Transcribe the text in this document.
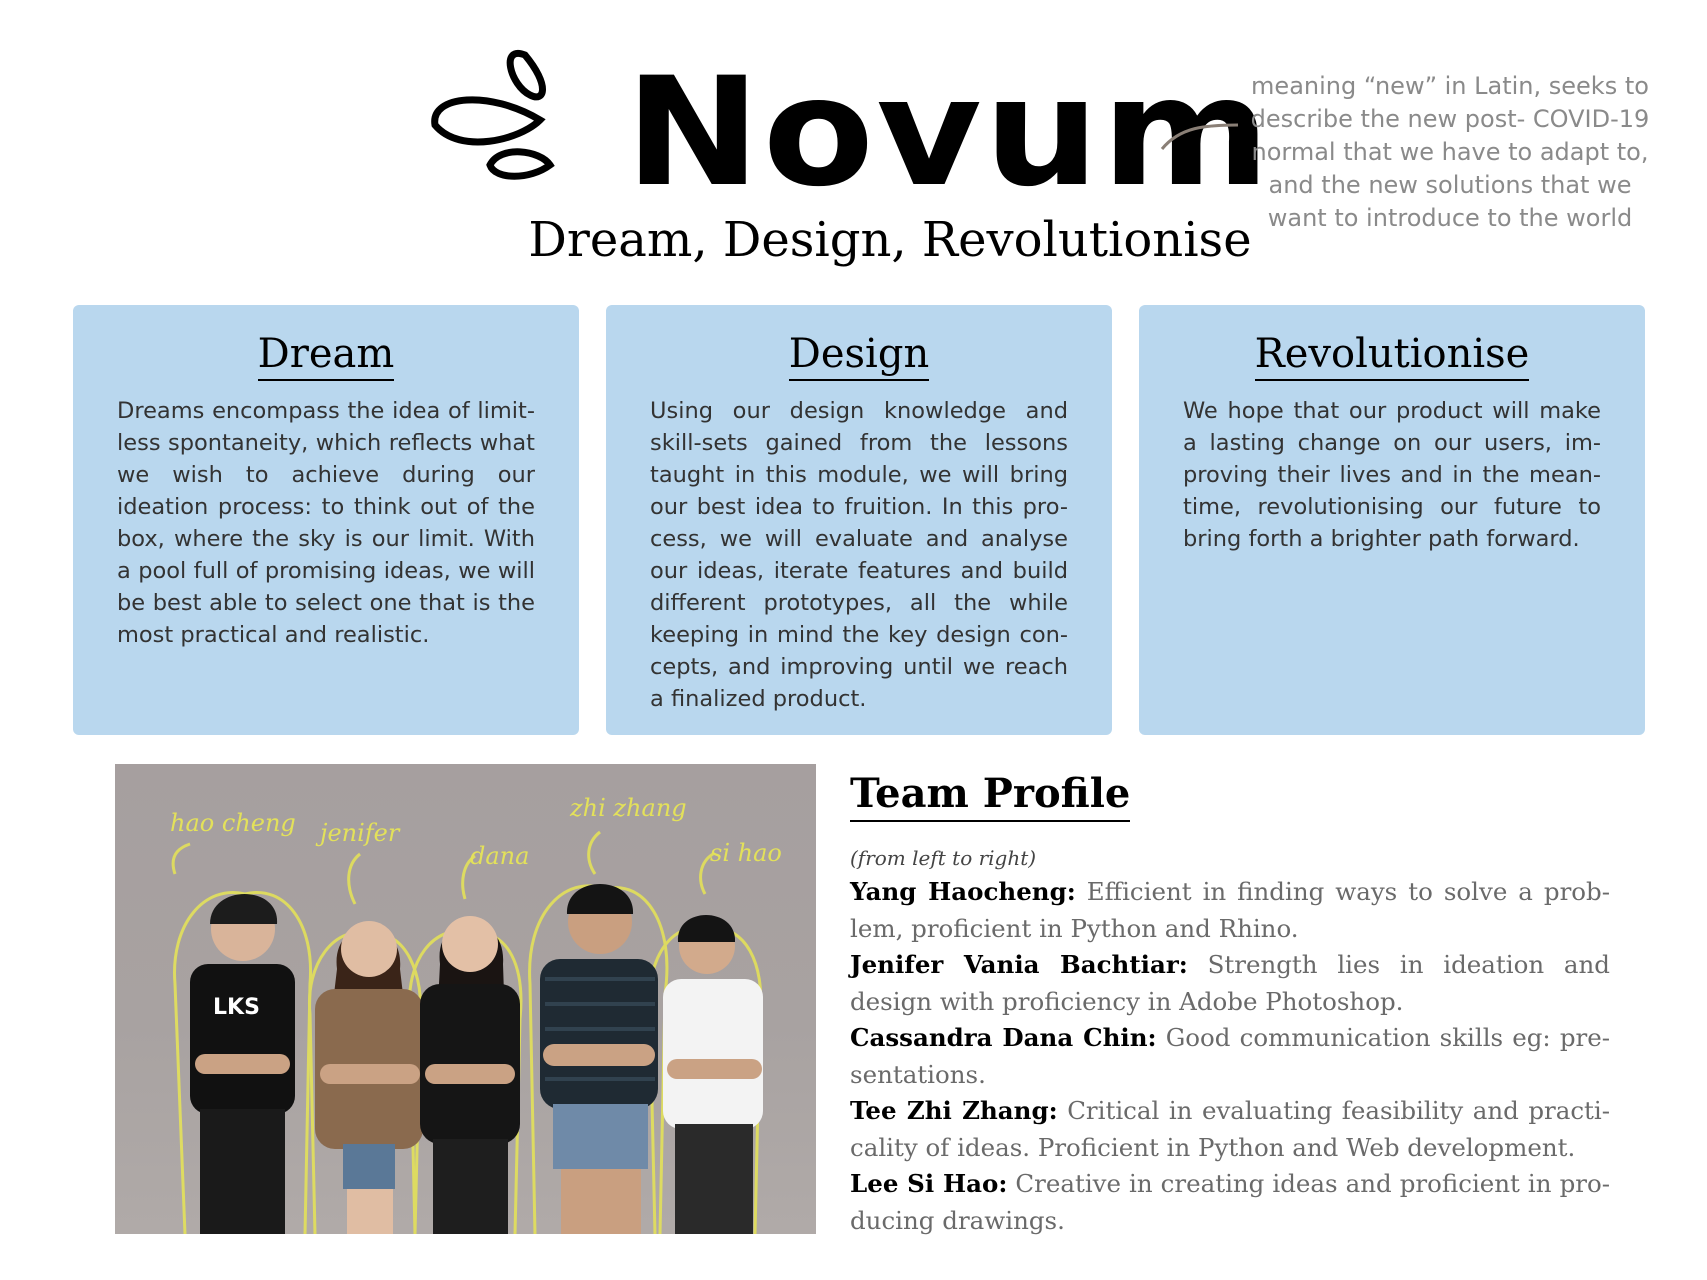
Novum
Dream, Design, Revolutionise
meaning “new” in Latin, seeks to describe the new post- COVID-19 normal that we have to adapt to, and the new solutions that we want to introduce to the world
Dream

Dreams encompass the idea of limit-less spontaneity, which reflects what we wish to achieve during our ideation process: to think out of the box, where the sky is our limit. With a pool full of promising ideas, we will be best able to select one that is the most practical and realistic.

Design

Using our design knowledge and skill-sets gained from the lessons taught in this module, we will bring our best idea to fruition. In this pro-cess, we will evaluate and analyse our ideas, iterate features and build different prototypes, all the while keeping in mind the key design con-cepts, and improving until we reach a finalized product.

Revolutionise

We hope that our product will make a lasting change on our users, im-proving their lives and in the mean-time, revolutionising our future to bring forth a brighter path forward.

LKS
hao cheng jenifer
dana
zhi zhang
si hao
Team Profile
(from left to right)
Yang Haocheng: Efficient in finding ways to solve a prob-lem, proficient in Python and Rhino.
Jenifer Vania Bachtiar: Strength lies in ideation and design with proficiency in Adobe Photoshop.
Cassandra Dana Chin: Good communication skills eg: pre-sentations.
Tee Zhi Zhang: Critical in evaluating feasibility and practi-cality of ideas. Proficient in Python and Web development.
Lee Si Hao: Creative in creating ideas and proficient in pro-ducing drawings.
